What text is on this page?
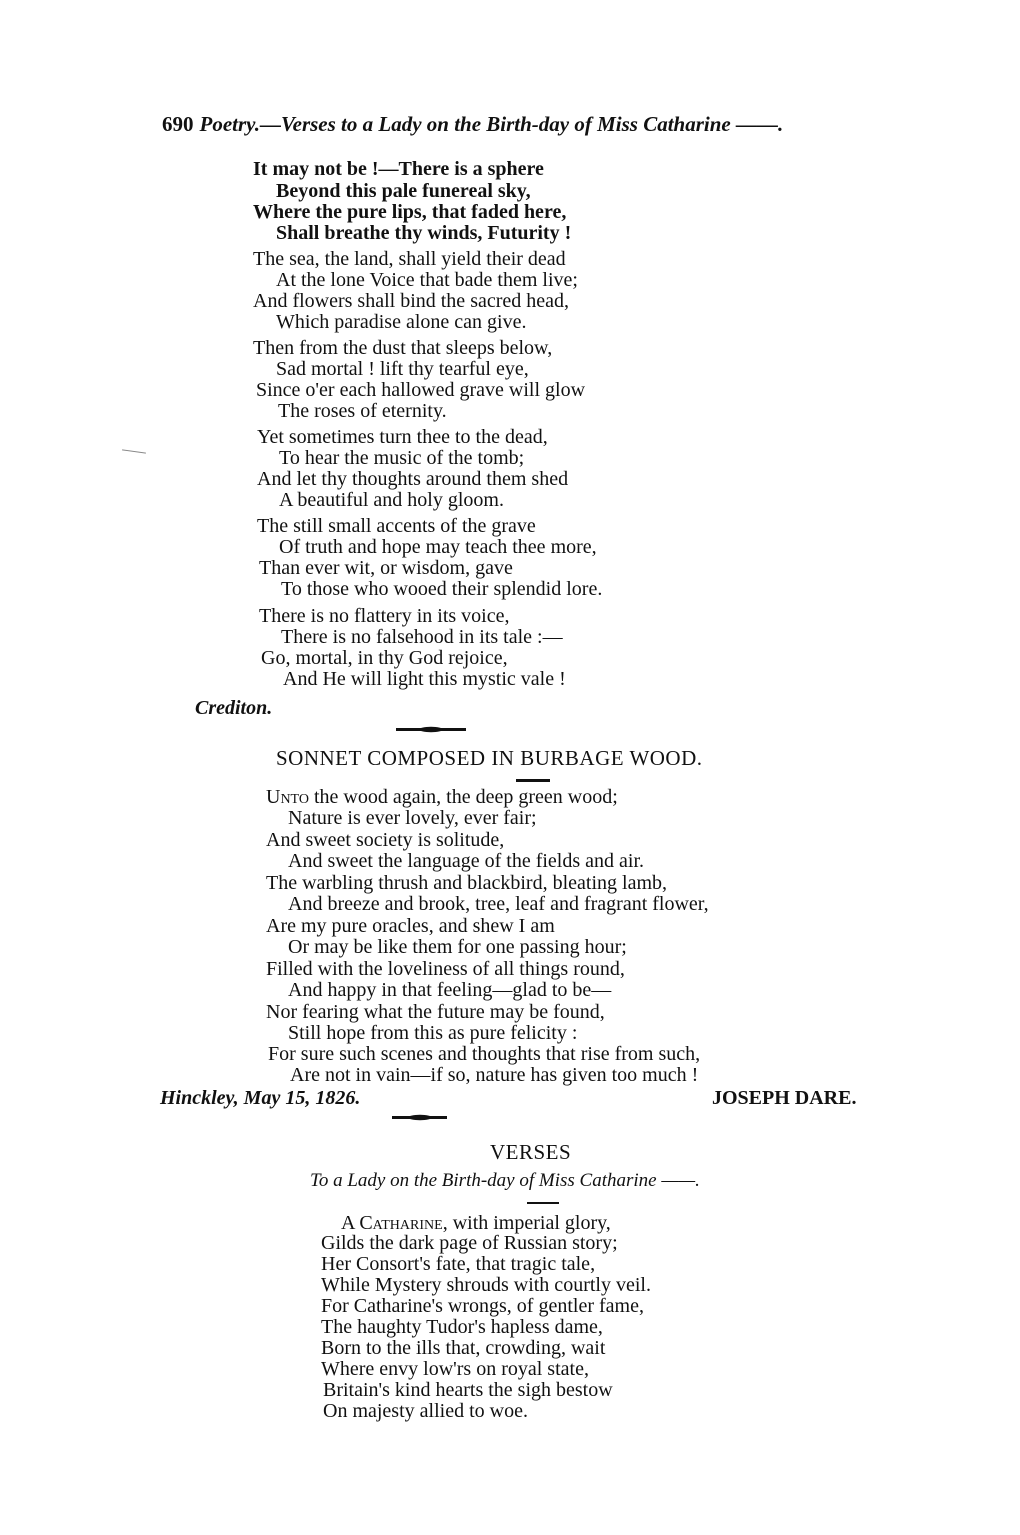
690 Poetry.—Verses to a Lady on the Birth-day of Miss Catharine ——.
It may not be !—There is a sphere
Beyond this pale funereal sky,
Where the pure lips, that faded here,
Shall breathe thy winds, Futurity !
The sea, the land, shall yield their dead
At the lone Voice that bade them live;
And flowers shall bind the sacred head,
Which paradise alone can give.
Then from the dust that sleeps below,
Sad mortal ! lift thy tearful eye,
Since o'er each hallowed grave will glow
The roses of eternity.
Yet sometimes turn thee to the dead,
To hear the music of the tomb;
And let thy thoughts around them shed
A beautiful and holy gloom.
The still small accents of the grave
Of truth and hope may teach thee more,
Than ever wit, or wisdom, gave
To those who wooed their splendid lore.
There is no flattery in its voice,
There is no falsehood in its tale :—
Go, mortal, in thy God rejoice,
And He will light this mystic vale !
Crediton.
SONNET COMPOSED IN BURBAGE WOOD.
Unto the wood again, the deep green wood;
Nature is ever lovely, ever fair;
And sweet society is solitude,
And sweet the language of the fields and air.
The warbling thrush and blackbird, bleating lamb,
And breeze and brook, tree, leaf and fragrant flower,
Are my pure oracles, and shew I am
Or may be like them for one passing hour;
Filled with the loveliness of all things round,
And happy in that feeling—glad to be—
Nor fearing what the future may be found,
Still hope from this as pure felicity :
For sure such scenes and thoughts that rise from such,
Are not in vain—if so, nature has given too much !
Hinckley, May 15, 1826.	JOSEPH DARE.
VERSES
To a Lady on the Birth-day of Miss Catharine ——.
A Catharine, with imperial glory,
Gilds the dark page of Russian story;
Her Consort's fate, that tragic tale,
While Mystery shrouds with courtly veil.
For Catharine's wrongs, of gentler fame,
The haughty Tudor's hapless dame,
Born to the ills that, crowding, wait
Where envy low'rs on royal state,
Britain's kind hearts the sigh bestow
On majesty allied to woe.
